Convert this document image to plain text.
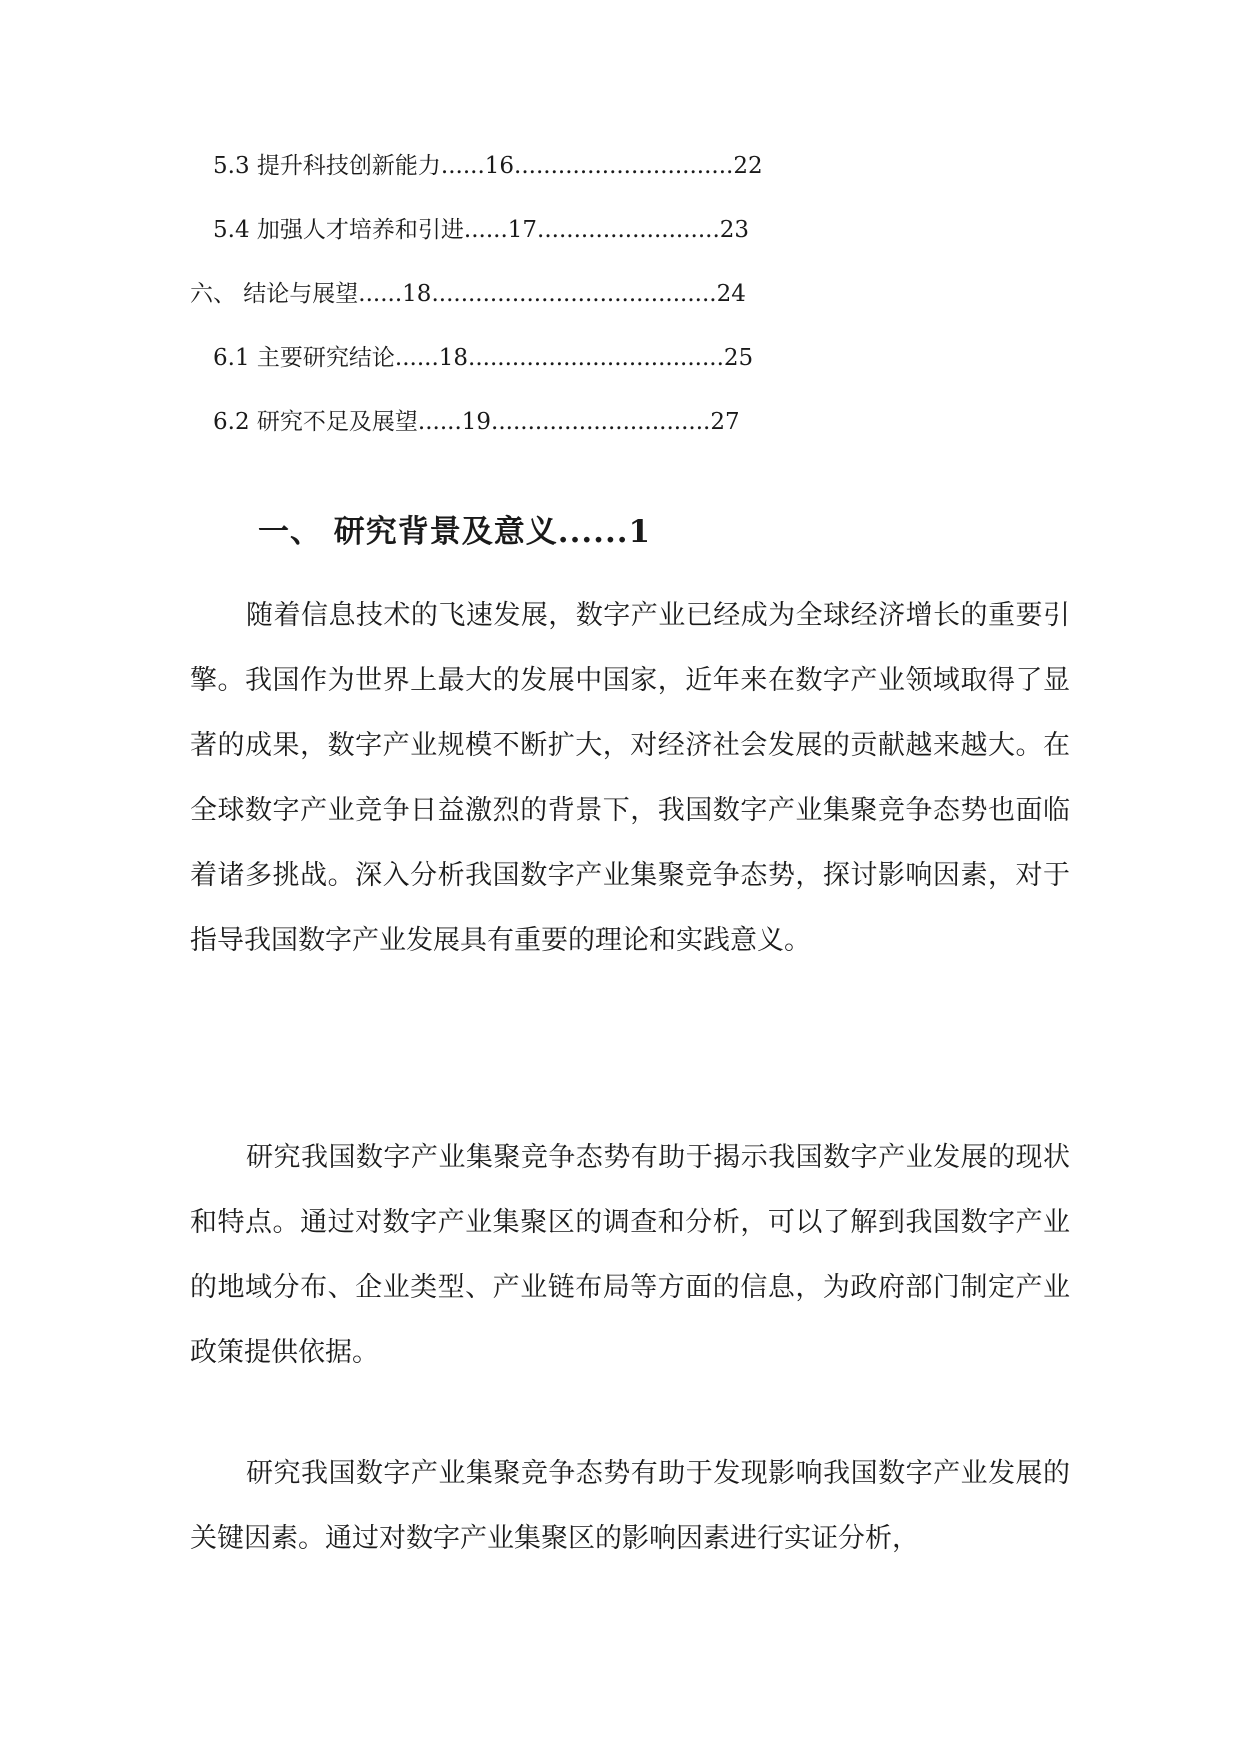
5.3 提升科技创新能力......16..............................22
5.4 加强人才培养和引进......17.........................23
六、 结论与展望......18.......................................24
6.1 主要研究结论......18...................................25
6.2 研究不足及展望......19..............................27
一、 研究背景及意义......1

随着信息技术的飞速发展，数字产业已经成为全球经济增长的重要引擎。我国作为世界上最大的发展中国家，近年来在数字产业领域取得了显著的成果，数字产业规模不断扩大，对经济社会发展的贡献越来越大。在全球数字产业竞争日益激烈的背景下，我国数字产业集聚竞争态势也面临着诸多挑战。深入分析我国数字产业集聚竞争态势，探讨影响因素，对于指导我国数字产业发展具有重要的理论和实践意义。

研究我国数字产业集聚竞争态势有助于揭示我国数字产业发展的现状和特点。通过对数字产业集聚区的调查和分析，可以了解到我国数字产业的地域分布、企业类型、产业链布局等方面的信息，为政府部门制定产业政策提供依据。

研究我国数字产业集聚竞争态势有助于发现影响我国数字产业发展的关键因素。通过对数字产业集聚区的影响因素进行实证分析，
